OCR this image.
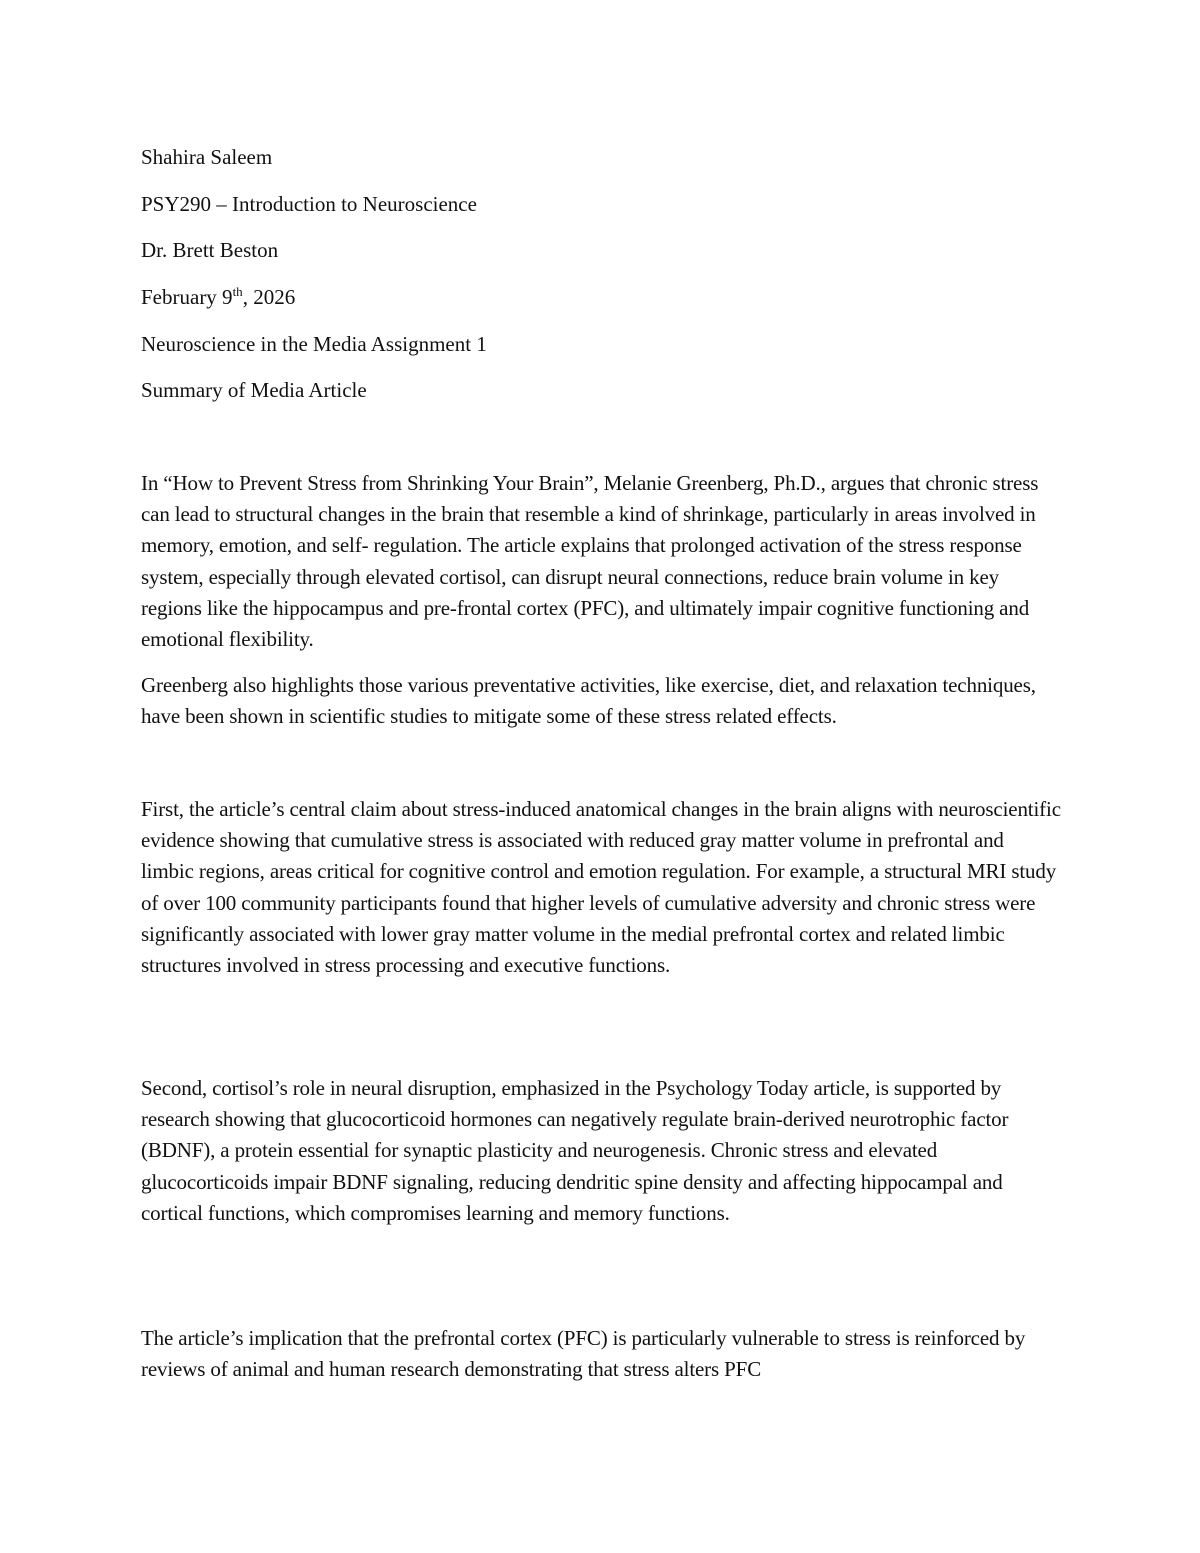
Shahira Saleem
PSY290 – Introduction to Neuroscience
Dr. Brett Beston
February 9th, 2026
Neuroscience in the Media Assignment 1
Summary of Media Article

In “How to Prevent Stress from Shrinking Your Brain”, Melanie Greenberg, Ph.D., argues that chronic stress can lead to structural changes in the brain that resemble a kind of shrinkage, particularly in areas involved in memory, emotion, and self- regulation. The article explains that prolonged activation of the stress response system, especially through elevated cortisol, can disrupt neural connections, reduce brain volume in key regions like the hippocampus and pre-frontal cortex (PFC), and ultimately impair cognitive functioning and emotional flexibility.

Greenberg also highlights those various preventative activities, like exercise, diet, and relaxation techniques, have been shown in scientific studies to mitigate some of these stress related effects.

First, the article’s central claim about stress-induced anatomical changes in the brain aligns with neuroscientific evidence showing that cumulative stress is associated with reduced gray matter volume in prefrontal and limbic regions, areas critical for cognitive control and emotion regulation. For example, a structural MRI study of over 100 community participants found that higher levels of cumulative adversity and chronic stress were significantly associated with lower gray matter volume in the medial prefrontal cortex and related limbic structures involved in stress processing and executive functions.

Second, cortisol’s role in neural disruption, emphasized in the Psychology Today article, is supported by research showing that glucocorticoid hormones can negatively regulate brain-derived neurotrophic factor (BDNF), a protein essential for synaptic plasticity and neurogenesis. Chronic stress and elevated glucocorticoids impair BDNF signaling, reducing dendritic spine density and affecting hippocampal and cortical functions, which compromises learning and memory functions.

The article’s implication that the prefrontal cortex (PFC) is particularly vulnerable to stress is reinforced by reviews of animal and human research demonstrating that stress alters PFC
